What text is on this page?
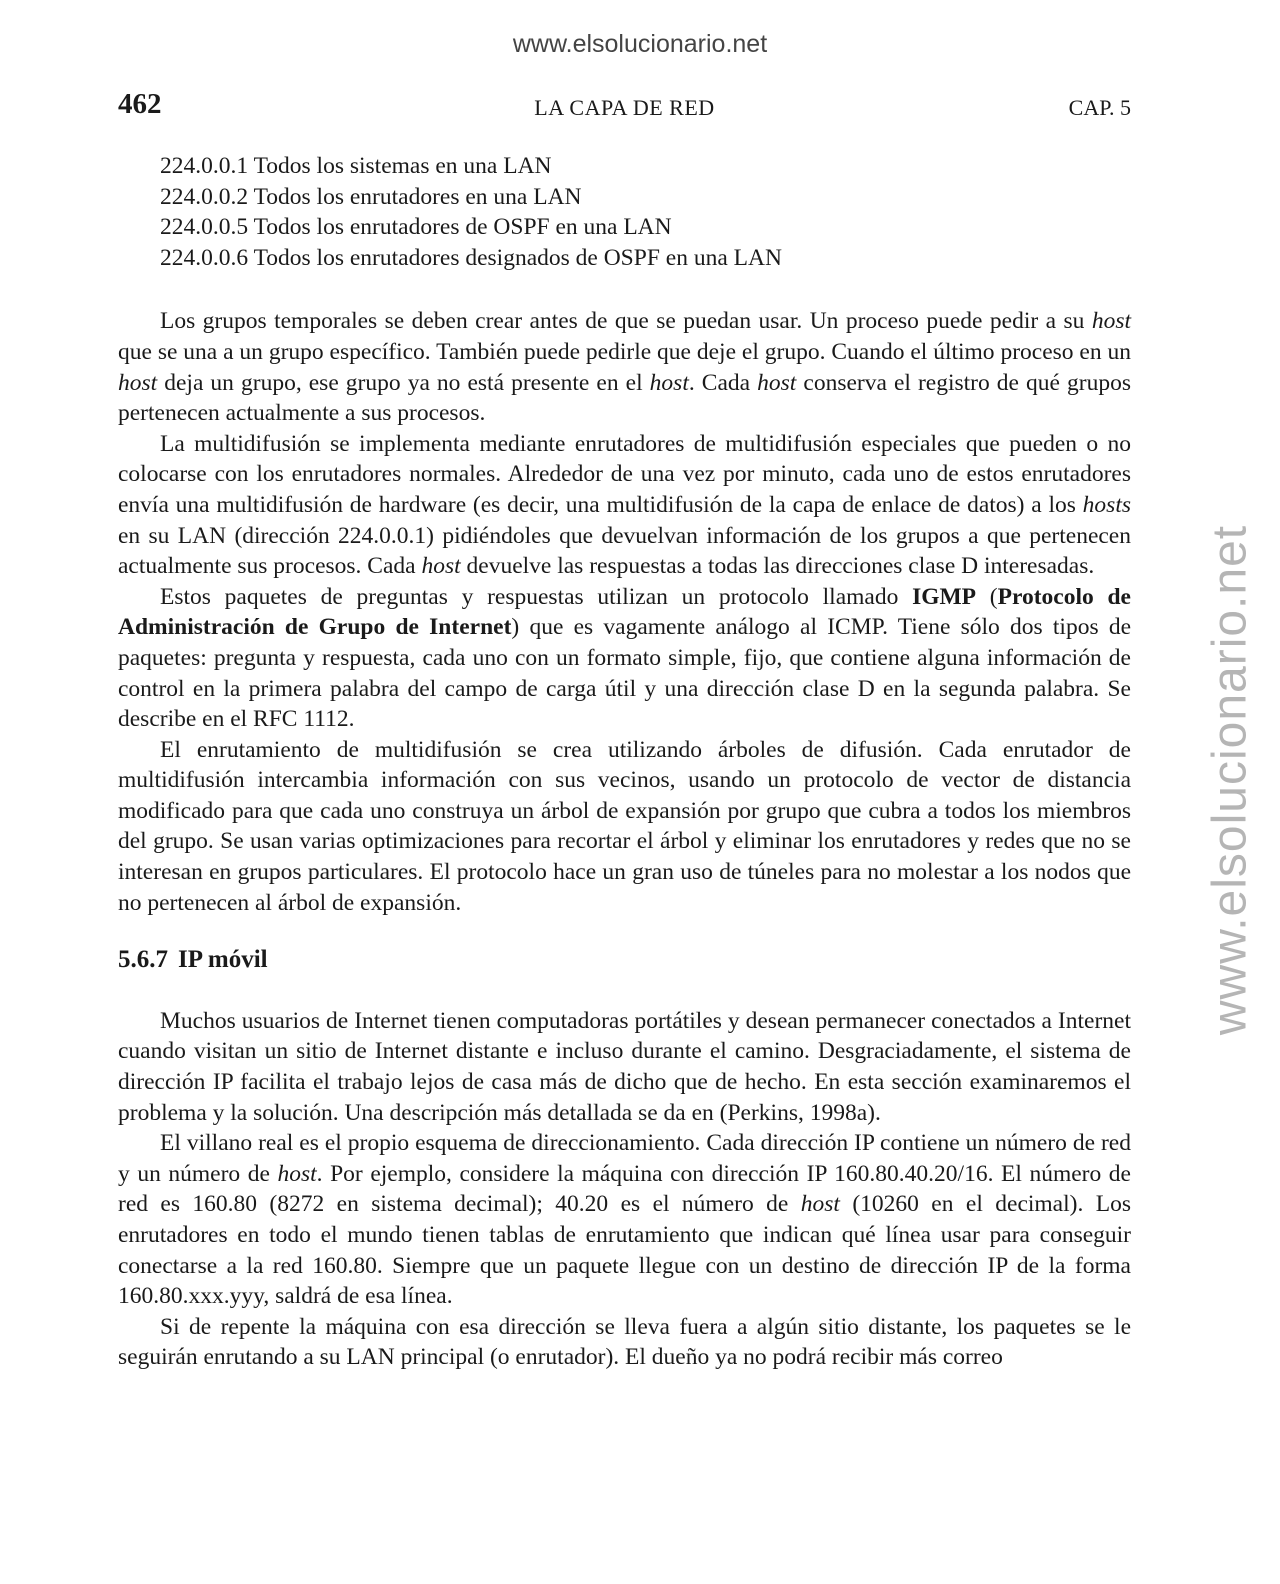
www.elsolucionario.net
www.elsolucionario.net
462	LA CAPA DE RED	CAP. 5
224.0.0.1 Todos los sistemas en una LAN
224.0.0.2 Todos los enrutadores en una LAN
224.0.0.5 Todos los enrutadores de OSPF en una LAN
224.0.0.6 Todos los enrutadores designados de OSPF en una LAN

Los grupos temporales se deben crear antes de que se puedan usar. Un proceso puede pedir a su host que se una a un grupo específico. También puede pedirle que deje el grupo. Cuando el último proceso en un host deja un grupo, ese grupo ya no está presente en el host. Cada host conserva el registro de qué grupos pertenecen actualmente a sus procesos.

La multidifusión se implementa mediante enrutadores de multidifusión especiales que pueden o no colocarse con los enrutadores normales. Alrededor de una vez por minuto, cada uno de estos enrutadores envía una multidifusión de hardware (es decir, una multidifusión de la capa de enlace de datos) a los hosts en su LAN (dirección 224.0.0.1) pidiéndoles que devuelvan información de los grupos a que pertenecen actualmente sus procesos. Cada host devuelve las respuestas a todas las direcciones clase D interesadas.

Estos paquetes de preguntas y respuestas utilizan un protocolo llamado IGMP (Protocolo de Administración de Grupo de Internet) que es vagamente análogo al ICMP. Tiene sólo dos tipos de paquetes: pregunta y respuesta, cada uno con un formato simple, fijo, que contiene alguna información de control en la primera palabra del campo de carga útil y una dirección clase D en la segunda palabra. Se describe en el RFC 1112.

El enrutamiento de multidifusión se crea utilizando árboles de difusión. Cada enrutador de multidifusión intercambia información con sus vecinos, usando un protocolo de vector de distancia modificado para que cada uno construya un árbol de expansión por grupo que cubra a todos los miembros del grupo. Se usan varias optimizaciones para recortar el árbol y eliminar los enrutadores y redes que no se interesan en grupos particulares. El protocolo hace un gran uso de túneles para no molestar a los nodos que no pertenecen al árbol de expansión.

5.6.7 IP móvil

Muchos usuarios de Internet tienen computadoras portátiles y desean permanecer conectados a Internet cuando visitan un sitio de Internet distante e incluso durante el camino. Desgraciadamente, el sistema de dirección IP facilita el trabajo lejos de casa más de dicho que de hecho. En esta sección examinaremos el problema y la solución. Una descripción más detallada se da en (Perkins, 1998a).

El villano real es el propio esquema de direccionamiento. Cada dirección IP contiene un número de red y un número de host. Por ejemplo, considere la máquina con dirección IP 160.80.40.20/16. El número de red es 160.80 (8272 en sistema decimal); 40.20 es el número de host (10260 en el decimal). Los enrutadores en todo el mundo tienen tablas de enrutamiento que indican qué línea usar para conseguir conectarse a la red 160.80. Siempre que un paquete llegue con un destino de dirección IP de la forma 160.80.xxx.yyy, saldrá de esa línea.

Si de repente la máquina con esa dirección se lleva fuera a algún sitio distante, los paquetes se le seguirán enrutando a su LAN principal (o enrutador). El dueño ya no podrá recibir más correo
